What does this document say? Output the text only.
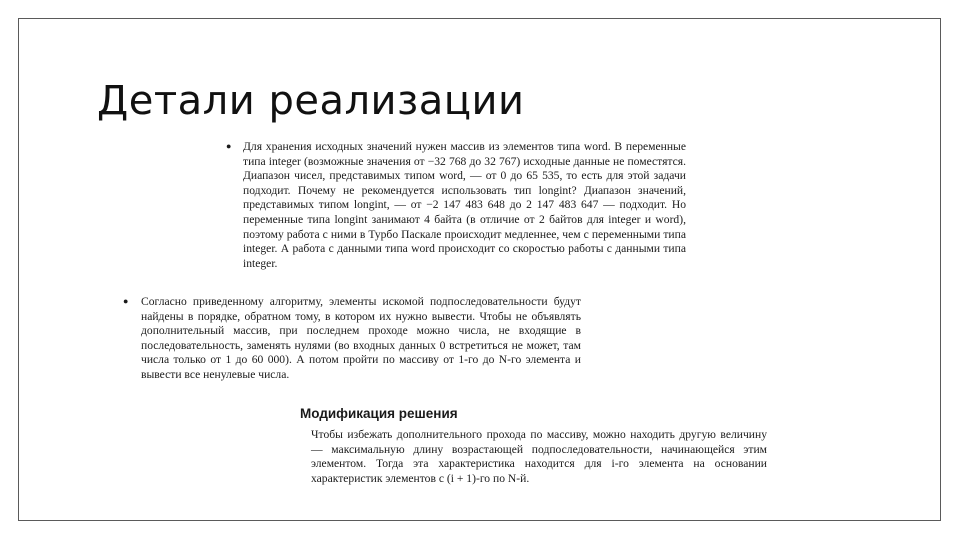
Детали реализации
● Для хранения исходных значений нужен массив из элементов типа word. В переменные типа integer (возможные значения от −32 768 до 32 767) исходные данные не поместятся. Диапазон чисел, представимых типом word, — от 0 до 65 535, то есть для этой задачи подходит. Почему не рекомендуется использовать тип longint? Диапазон значений, представимых типом longint, — от −2 147 483 648 до 2 147 483 647 — подходит. Но переменные типа longint занимают 4 байта (в отличие от 2 байтов для integer и word), поэтому работа с ними в Турбо Паскале происходит медленнее, чем с переменными типа integer. А работа с данными типа word происходит со скоростью работы с данными типа integer.

● Согласно приведенному алгоритму, элементы искомой подпоследовательности будут найдены в порядке, обратном тому, в котором их нужно вывести. Чтобы не объявлять дополнительный массив, при последнем проходе можно числа, не входящие в последовательность, заменять нулями (во входных данных 0 встретиться не может, там числа только от 1 до 60 000). А потом пройти по массиву от 1-го до N-го элемента и вывести все ненулевые числа.

Модификация решения

Чтобы избежать дополнительного прохода по массиву, можно находить другую величину — максимальную длину возрастающей подпоследовательности, начинающейся этим элементом. Тогда эта характеристика находится для i-го элемента на основании характеристик элементов с (i + 1)-го по N-й.
